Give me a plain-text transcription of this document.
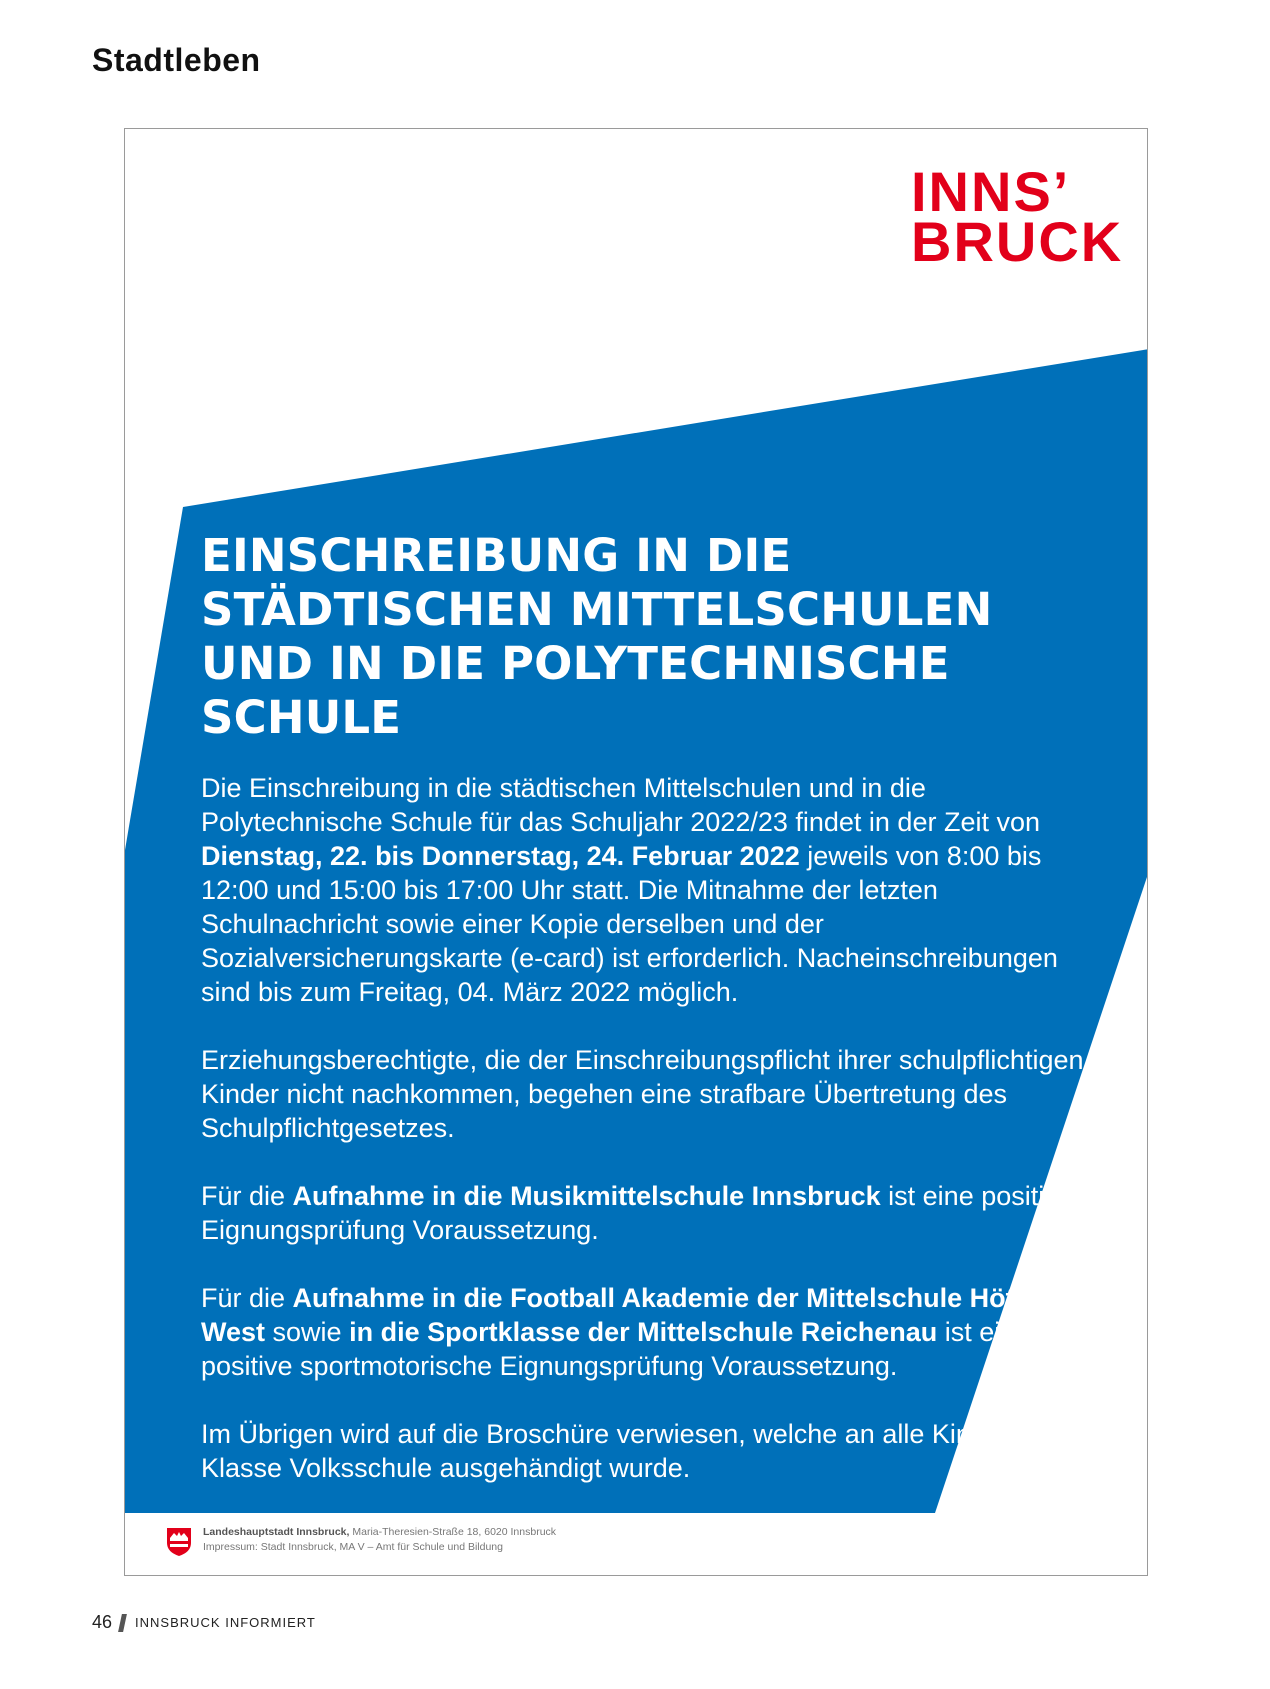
Stadtleben
INNS’
BRUCK
EINSCHREIBUNG IN DIE
STÄDTISCHEN MITTELSCHULEN
UND IN DIE POLYTECHNISCHE SCHULE

Die Einschreibung in die städtischen Mittelschulen und in die Polytechnische Schule für das Schuljahr 2022/23 findet in der Zeit von Dienstag, 22. bis Donnerstag, 24. Februar 2022 jeweils von 8:00 bis 12:00 und 15:00 bis 17:00 Uhr statt. Die Mitnahme der letzten Schulnachricht sowie einer Kopie derselben und der Sozialversicherungskarte (e-card) ist erforderlich. Nacheinschreibungen sind bis zum Freitag, 04. März 2022 möglich.

Erziehungsberechtigte, die der Einschreibungspflicht ihrer schulpflichtigen Kinder nicht nachkommen, begehen eine strafbare Übertretung des Schulpflichtgesetzes.

Für die Aufnahme in die Musikmittelschule Innsbruck ist eine positive Eignungsprüfung Voraussetzung.

Für die Aufnahme in die Football Akademie der Mittelschule Hötting-West sowie in die Sportklasse der Mittelschule Reichenau ist eine positive sportmotorische Eignungsprüfung Voraussetzung.

Im Übrigen wird auf die Broschüre verwiesen, welche an alle Kinder der 4. Klasse Volksschule ausgehändigt wurde.

Landeshauptstadt Innsbruck, Maria-Theresien-Straße 18, 6020 Innsbruck
Impressum: Stadt Innsbruck, MA V – Amt für Schule und Bildung
46 INNSBRUCK INFORMIERT
